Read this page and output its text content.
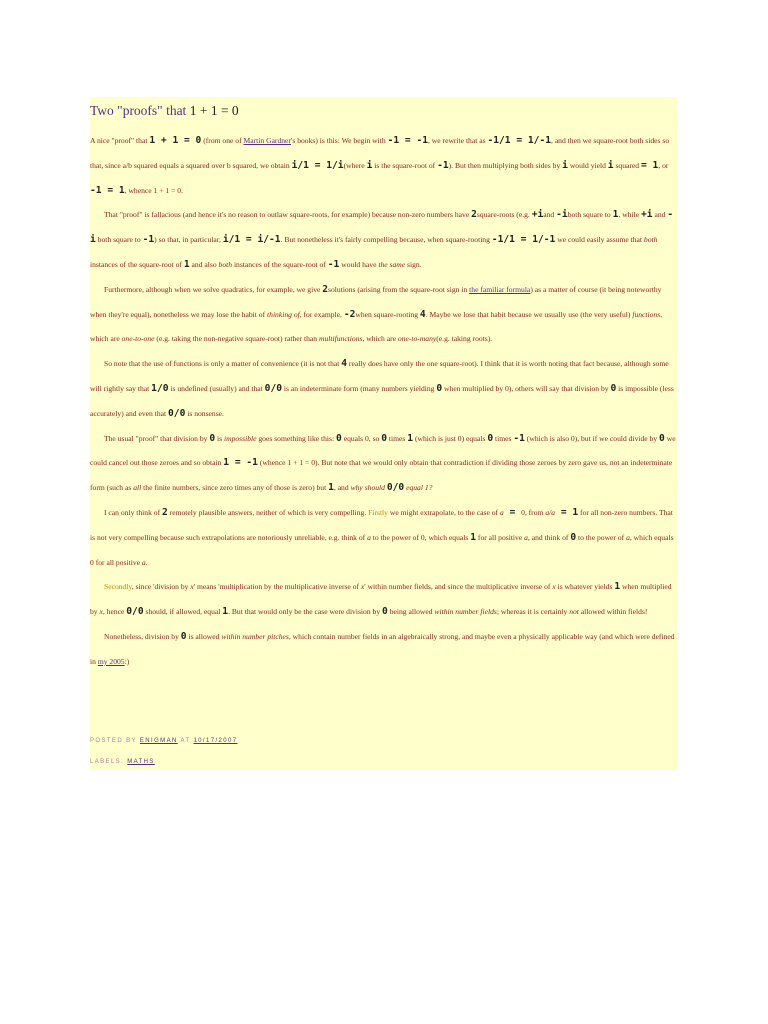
Two "proofs" that 1 + 1 = 0

A nice "proof" that 1 + 1 = 0 (from one of Martin Gardner's books) is this: We begin with -1 = -1, we rewrite that as -1/1 = 1/-1, and then we square-root both sides so that, since a/b squared equals a squared over b squared, we obtain i/1 = 1/i(where i is the square-root of -1). But then multiplying both sides by i would yield i squared = 1, or -1 = 1, whence 1 + 1 = 0.

That "proof" is fallacious (and hence it's no reason to outlaw square-roots, for example) because non-zero numbers have 2square-roots (e.g. +iand -iboth square to 1, while +i and -i both square to -1) so that, in particular, i/1 = i/-1. But nonetheless it's fairly compelling because, when square-rooting -1/1 = 1/-1 we could easily assume that both instances of the square-root of 1 and also both instances of the square-root of -1 would have the same sign.

Furthermore, although when we solve quadratics, for example, we give 2solutions (arising from the square-root sign in the familiar formula) as a matter of course (it being noteworthy when they're equal), nonetheless we may lose the habit of thinking of, for example, -2when square-rooting 4. Maybe we lose that habit because we usually use (the very useful) functions, which are one-to-one (e.g. taking the non-negative square-root) rather than multifunctions, which are one-to-many(e.g. taking roots).

So note that the use of functions is only a matter of convenience (it is not that 4 really does have only the one square-root). I think that it is worth noting that fact because, although some will rightly say that 1/0 is undefined (usually) and that 0/0 is an indeterminate form (many numbers yielding 0 when multiplied by 0), others will say that division by 0 is impossible (less accurately) and even that 0/0 is nonsense.

The usual "proof" that division by 0 is impossible goes something like this: 0 equals 0, so 0 times 1 (which is just 0) equals 0 times -1 (which is also 0), but if we could divide by 0 we could cancel out those zeroes and so obtain 1 = -1 (whence 1 + 1 = 0). But note that we would only obtain that contradiction if dividing those zeroes by zero gave us, not an indeterminate form (such as all the finite numbers, since zero times any of those is zero) but 1, and why should 0/0 equal 1?

I can only think of 2 remotely plausible answers, neither of which is very compelling. Firstly we might extrapolate, to the case of a = 0, from a/a = 1 for all non-zero numbers. That is not very compelling because such extrapolations are notoriously unreliable, e.g. think of a to the power of 0, which equals 1 for all positive a, and think of 0 to the power of a, which equals 0 for all positive a.

Secondly, since 'division by x' means 'multiplication by the multiplicative inverse of x' within number fields, and since the multiplicative inverse of x is whatever yields 1 when multiplied by x, hence 0/0 should, if allowed, equal 1. But that would only be the case were division by 0 being allowed within number fields; whereas it is certainly not allowed within fields!

Nonetheless, division by 0 is allowed within number pitches, which contain number fields in an algebraically strong, and maybe even a physically applicable way (and which were defined in my 2005:)

POSTED BY ENIGMAN AT 10/17/2007
LABELS: MATHS
